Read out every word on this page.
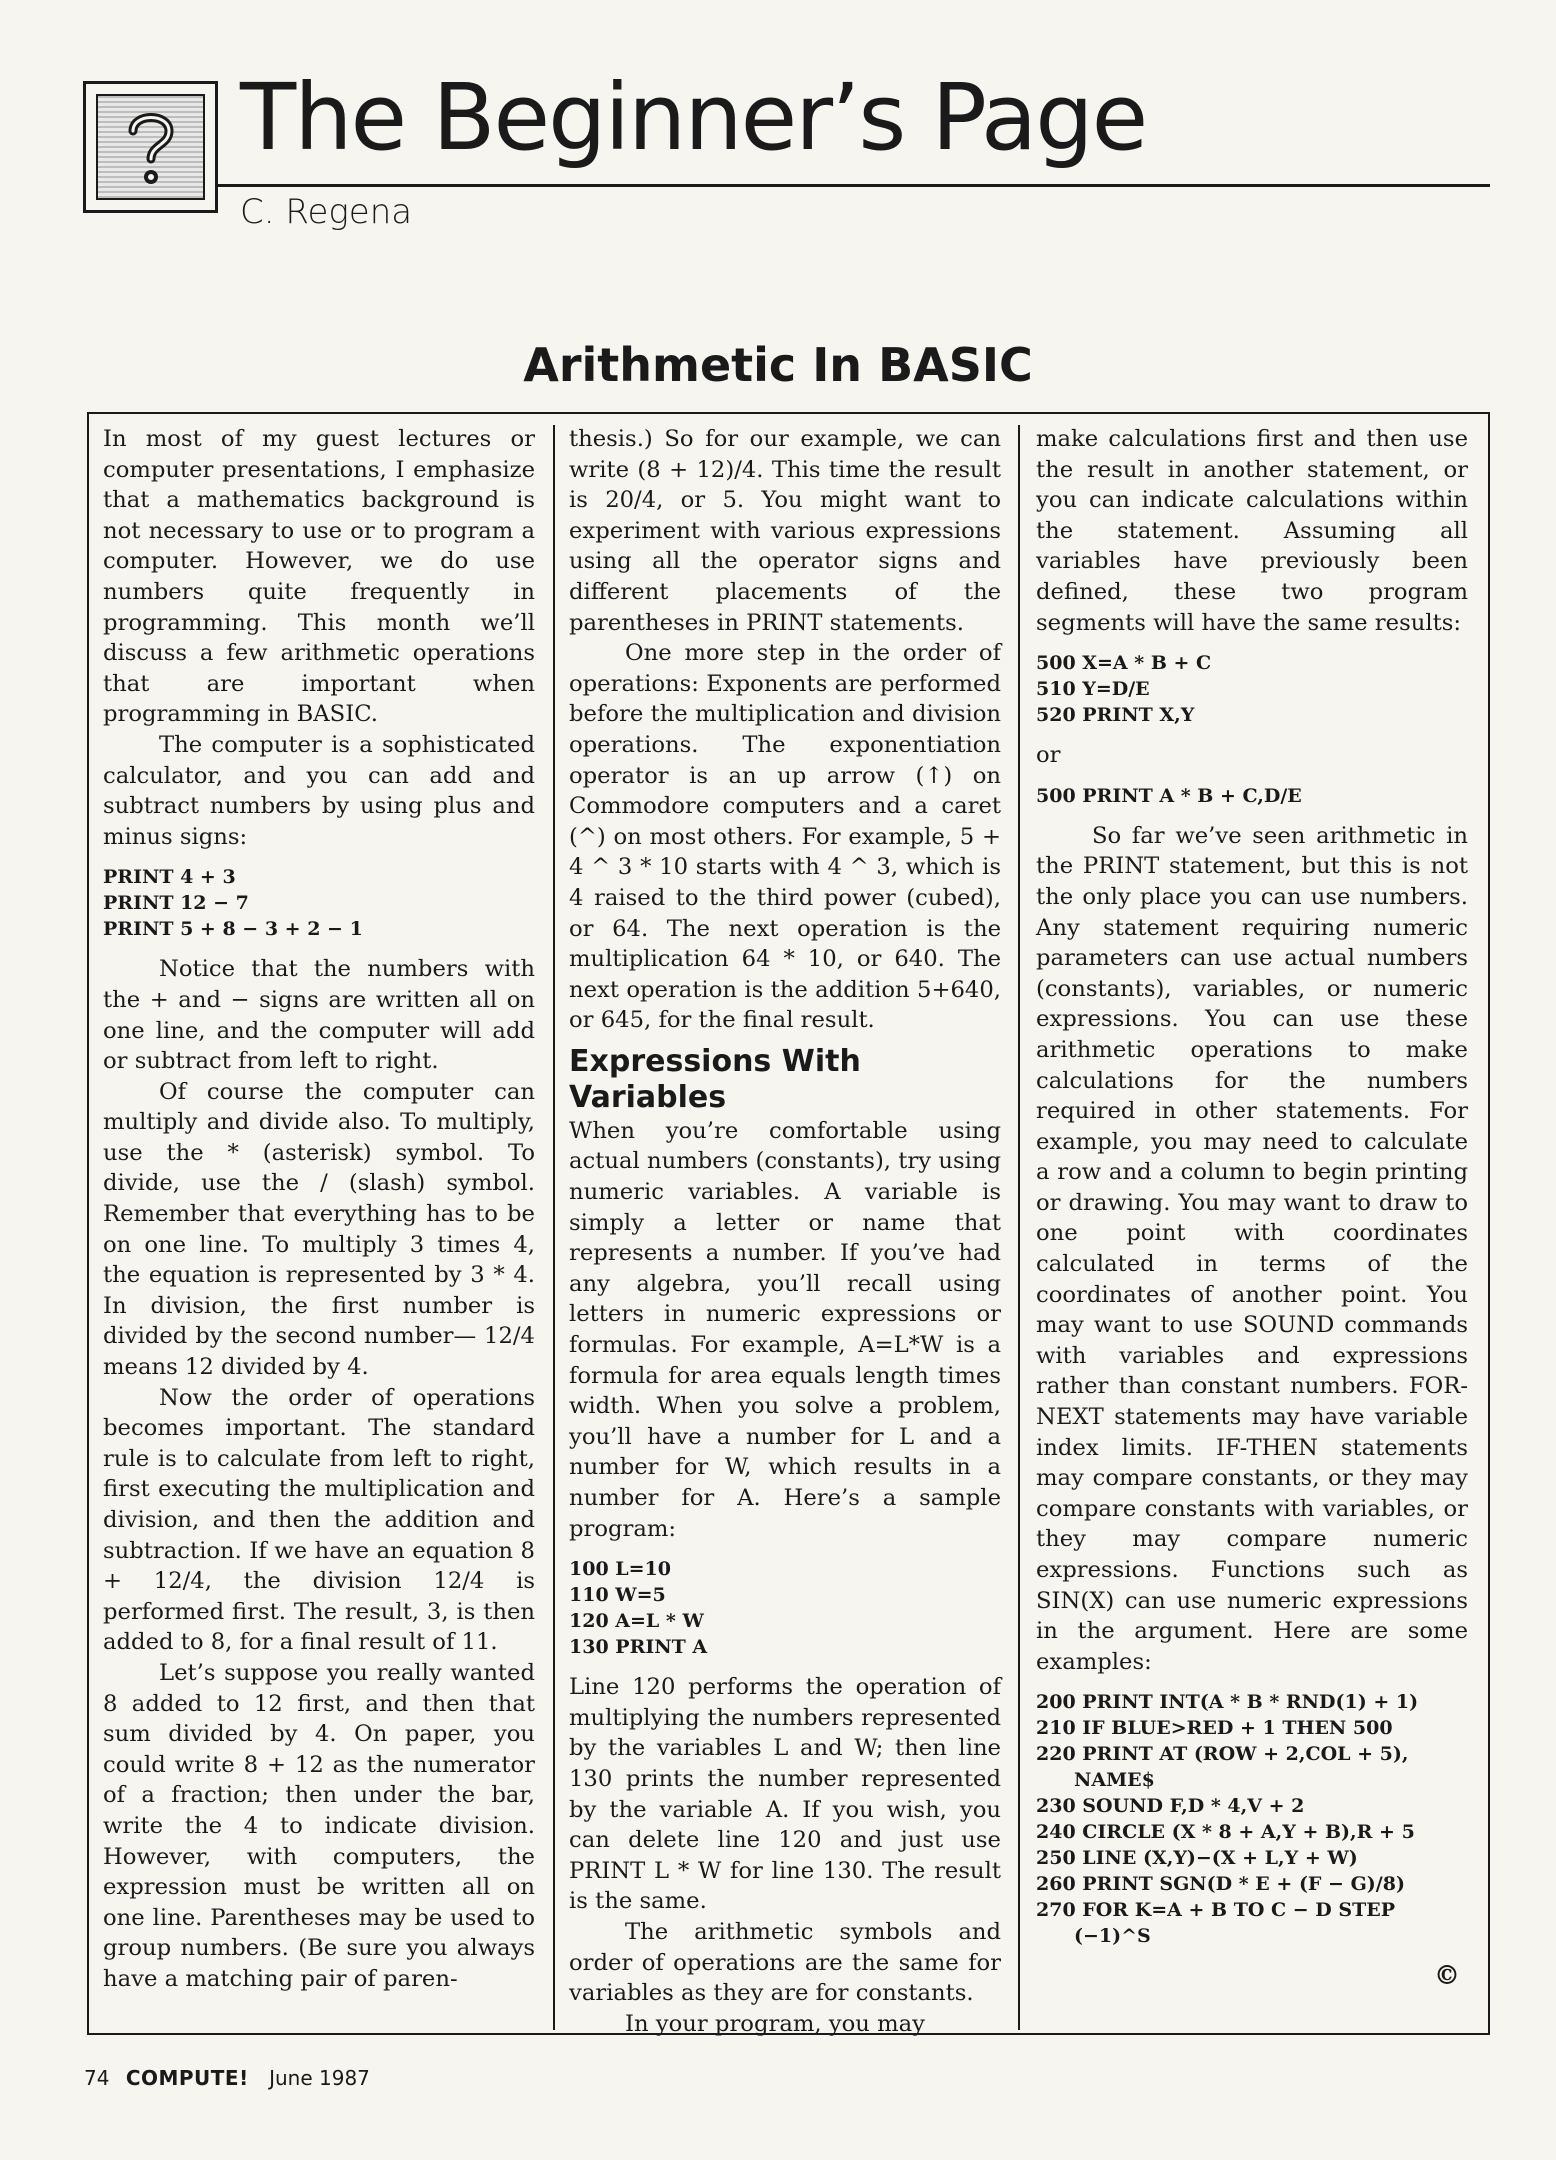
The Beginner’s Page
C. Regena
Arithmetic In BASIC

In most of my guest lectures or computer presentations, I emphasize that a mathematics background is not necessary to use or to program a computer. However, we do use numbers quite frequently in programming. This month we’ll discuss a few arithmetic operations that are important when programming in BASIC.

The computer is a sophisticated calculator, and you can add and subtract numbers by using plus and minus signs:

PRINT 4 + 3
PRINT 12 − 7
PRINT 5 + 8 − 3 + 2 − 1

Notice that the numbers with the + and − signs are written all on one line, and the computer will add or subtract from left to right.

Of course the computer can multiply and divide also. To multiply, use the * (asterisk) symbol. To divide, use the / (slash) symbol. Remember that everything has to be on one line. To multiply 3 times 4, the equation is represented by 3 * 4. In division, the first number is divided by the second number— 12/4 means 12 divided by 4.

Now the order of operations becomes important. The standard rule is to calculate from left to right, first executing the multiplication and division, and then the addition and subtraction. If we have an equation 8 + 12/4, the division 12/4 is performed first. The result, 3, is then added to 8, for a final result of 11.

Let’s suppose you really wanted 8 added to 12 first, and then that sum divided by 4. On paper, you could write 8 + 12 as the numerator of a fraction; then under the bar, write the 4 to indicate division. However, with computers, the expression must be written all on one line. Parentheses may be used to group numbers. (Be sure you always have a matching pair of paren-

thesis.) So for our example, we can write (8 + 12)/4. This time the result is 20/4, or 5. You might want to experiment with various expressions using all the operator signs and different placements of the parentheses in PRINT statements.

One more step in the order of operations: Exponents are performed before the multiplication and division operations. The exponentiation operator is an up arrow (↑) on Commodore computers and a caret (^) on most others. For example, 5 + 4 ^ 3 * 10 starts with 4 ^ 3, which is 4 raised to the third power (cubed), or 64. The next operation is the multiplication 64 * 10, or 640. The next operation is the addition 5+640, or 645, for the final result.

Expressions With Variables

When you’re comfortable using actual numbers (constants), try using numeric variables. A variable is simply a letter or name that represents a number. If you’ve had any algebra, you’ll recall using letters in numeric expressions or formulas. For example, A=L*W is a formula for area equals length times width. When you solve a problem, you’ll have a number for L and a number for W, which results in a number for A. Here’s a sample program:

100 L=10
110 W=5
120 A=L * W
130 PRINT A

Line 120 performs the operation of multiplying the numbers represented by the variables L and W; then line 130 prints the number represented by the variable A. If you wish, you can delete line 120 and just use PRINT L * W for line 130. The result is the same.

The arithmetic symbols and order of operations are the same for variables as they are for constants.

In your program, you may

make calculations first and then use the result in another statement, or you can indicate calculations within the statement. Assuming all variables have previously been defined, these two program segments will have the same results:

500 X=A * B + C
510 Y=D/E
520 PRINT X,Y

or

500 PRINT A * B + C,D/E

So far we’ve seen arithmetic in the PRINT statement, but this is not the only place you can use numbers. Any statement requiring numeric parameters can use actual numbers (constants), variables, or numeric expressions. You can use these arithmetic operations to make calculations for the numbers required in other statements. For example, you may need to calculate a row and a column to begin printing or drawing. You may want to draw to one point with coordinates calculated in terms of the coordinates of another point. You may want to use SOUND commands with variables and expressions rather than constant numbers. FOR-NEXT statements may have variable index limits. IF-THEN statements may compare constants, or they may compare constants with variables, or they may compare numeric expressions. Functions such as SIN(X) can use numeric expressions in the argument. Here are some examples:

200 PRINT INT(A * B * RND(1) + 1)
210 IF BLUE>RED + 1 THEN 500
220 PRINT AT (ROW + 2,COL + 5),
NAME$
230 SOUND F,D * 4,V + 2
240 CIRCLE (X * 8 + A,Y + B),R + 5
250 LINE (X,Y)−(X + L,Y + W)
260 PRINT SGN(D * E + (F − G)/8)
270 FOR K=A + B TO C − D STEP
(−1)^S
©
74 COMPUTE! June 1987
